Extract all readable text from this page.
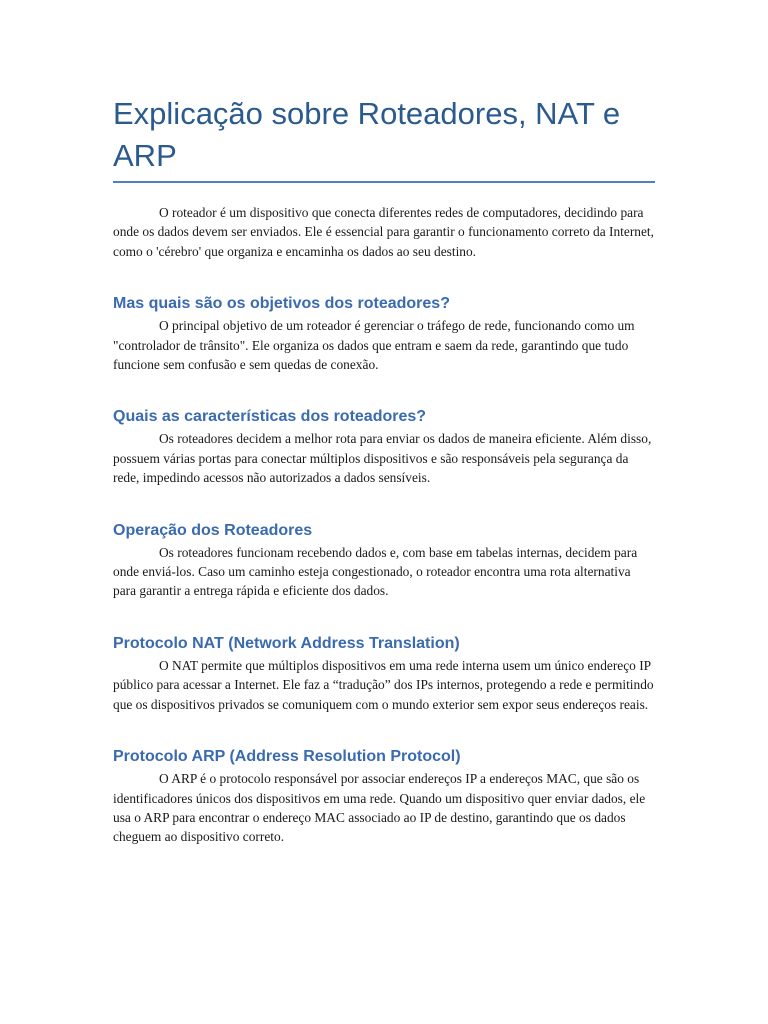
Explicação sobre Roteadores, NAT e ARP

O roteador é um dispositivo que conecta diferentes redes de computadores, decidindo para onde os dados devem ser enviados. Ele é essencial para garantir o funcionamento correto da Internet, como o 'cérebro' que organiza e encaminha os dados ao seu destino.

Mas quais são os objetivos dos roteadores?

O principal objetivo de um roteador é gerenciar o tráfego de rede, funcionando como um "controlador de trânsito". Ele organiza os dados que entram e saem da rede, garantindo que tudo funcione sem confusão e sem quedas de conexão.

Quais as características dos roteadores?

Os roteadores decidem a melhor rota para enviar os dados de maneira eficiente. Além disso, possuem várias portas para conectar múltiplos dispositivos e são responsáveis pela segurança da rede, impedindo acessos não autorizados a dados sensíveis.

Operação dos Roteadores

Os roteadores funcionam recebendo dados e, com base em tabelas internas, decidem para onde enviá-los. Caso um caminho esteja congestionado, o roteador encontra uma rota alternativa para garantir a entrega rápida e eficiente dos dados.

Protocolo NAT (Network Address Translation)

O NAT permite que múltiplos dispositivos em uma rede interna usem um único endereço IP público para acessar a Internet. Ele faz a “tradução” dos IPs internos, protegendo a rede e permitindo que os dispositivos privados se comuniquem com o mundo exterior sem expor seus endereços reais.

Protocolo ARP (Address Resolution Protocol)

O ARP é o protocolo responsável por associar endereços IP a endereços MAC, que são os identificadores únicos dos dispositivos em uma rede. Quando um dispositivo quer enviar dados, ele usa o ARP para encontrar o endereço MAC associado ao IP de destino, garantindo que os dados cheguem ao dispositivo correto.
